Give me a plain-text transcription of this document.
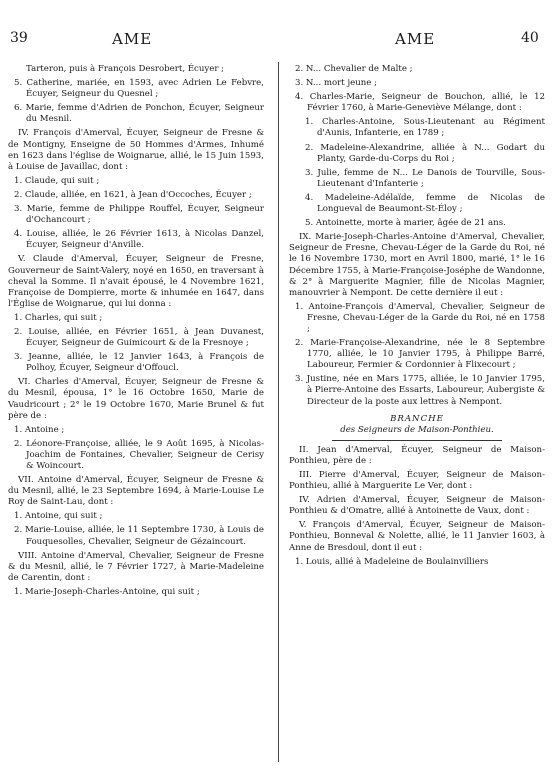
39	AME	AME	40
Tarteron, puis à François Desrobert, Écuyer ;
5. Catherine, mariée, en 1593, avec Adrien Le Febvre, Écuyer, Seigneur du Quesnel ;
6. Marie, femme d'Adrien de Ponchon, Écuyer, Seigneur du Mesnil.
IV. François d'Amerval, Écuyer, Seigneur de Fresne & de Montigny, Enseigne de 50 Hommes d'Armes, Inhumé en 1623 dans l'église de Woignarue, allié, le 15 Juin 1593, à Louise de Javaillac, dont :
1. Claude, qui suit ;
2. Claude, alliée, en 1621, à Jean d'Occoches, Écuyer ;
3. Marie, femme de Philippe Rouffel, Écuyer, Seigneur d'Ochancourt ;
4. Louise, alliée, le 26 Février 1613, à Nicolas Danzel, Écuyer, Seigneur d'Anville.
V. Claude d'Amerval, Écuyer, Seigneur de Fresne, Gouverneur de Saint-Valery, noyé en 1650, en traversant à cheval la Somme. Il n'avait épousé, le 4 Novembre 1621, Françoise de Dompierre, morte & inhumée en 1647, dans l'Église de Woignarue, qui lui donna :
1. Charles, qui suit ;
2. Louise, alliée, en Février 1651, à Jean Duvanest, Écuyer, Seigneur de Guimicourt & de la Fresnoye ;
3. Jeanne, alliée, le 12 Janvier 1643, à François de Polhoy, Écuyer, Seigneur d'Offoucl.
VI. Charles d'Amerval, Écuyer, Seigneur de Fresne & du Mesnil, épousa, 1° le 16 Octobre 1650, Marie de Vaudricourt ; 2° le 19 Octobre 1670, Marie Brunel & fut père de :
1. Antoine ;
2. Léonore-Françoise, alliée, le 9 Août 1695, à Nicolas-Joachim de Fontaines, Chevalier, Seigneur de Cerisy & Woincourt.
VII. Antoine d'Amerval, Écuyer, Seigneur de Fresne & du Mesnil, allié, le 23 Septembre 1694, à Marie-Louise Le Roy de Saint-Lau, dont :
1. Antoine, qui suit ;
2. Marie-Louise, alliée, le 11 Septembre 1730, à Louis de Fouquesolles, Chevalier, Seigneur de Gézaincourt.
VIII. Antoine d'Amerval, Chevalier, Seigneur de Fresne & du Mesnil, allié, le 7 Février 1727, à Marie-Madeleine de Carentin, dont :
1. Marie-Joseph-Charles-Antoine, qui suit ;
2. N... Chevalier de Malte ;
3. N... mort jeune ;
4. Charles-Marie, Seigneur de Bouchon, allié, le 12 Février 1760, à Marie-Geneviève Mélange, dont :
1. Charles-Antoine, Sous-Lieutenant au Régiment d'Aunis, Infanterie, en 1789 ;
2. Madeleine-Alexandrine, alliée à N... Godart du Planty, Garde-du-Corps du Roi ;
3. Julie, femme de N... Le Danois de Tourville, Sous-Lieutenant d'Infanterie ;
4. Madeleine-Adélaïde, femme de Nicolas de Longueval de Beaumont-St-Éloy ;
5. Antoinette, morte à marier, âgée de 21 ans.
IX. Marie-Joseph-Charles-Antoine d'Amerval, Chevalier, Seigneur de Fresne, Chevau-Léger de la Garde du Roi, né le 16 Novembre 1730, mort en Avril 1800, marié, 1° le 16 Décembre 1755, à Marie-Françoise-Joséphe de Wandonne, & 2° à Marguerite Magnier, fille de Nicolas Magnier, manouvrier à Nempont. De cette dernière il eut :
1. Antoine-François d'Amerval, Chevalier, Seigneur de Fresne, Chevau-Léger de la Garde du Roi, né en 1758 ;
2. Marie-Françoise-Alexandrine, née le 8 Septembre 1770, alliée, le 10 Janvier 1795, à Philippe Barré, Laboureur, Fermier & Cordonnier à Flixecourt ;
3. Justine, née en Mars 1775, alliée, le 10 Janvier 1795, à Pierre-Antoine des Essarts, Laboureur, Aubergiste & Directeur de la poste aux lettres à Nempont.
BRANCHE
des Seigneurs de Maison-Ponthieu.
II. Jean d'Amerval, Écuyer, Seigneur de Maison-Ponthieu, père de :
III. Pierre d'Amerval, Écuyer, Seigneur de Maison-Ponthieu, allié à Marguerite Le Ver, dont :
IV. Adrien d'Amerval, Écuyer, Seigneur de Maison-Ponthieu & d'Omatre, allié à Antoinette de Vaux, dont :
V. François d'Amerval, Écuyer, Seigneur de Maison-Ponthieu, Bonneval & Nolette, allié, le 11 Janvier 1603, à Anne de Bresdoul, dont il eut :
1. Louis, allié à Madeleine de Boulainvilliers
